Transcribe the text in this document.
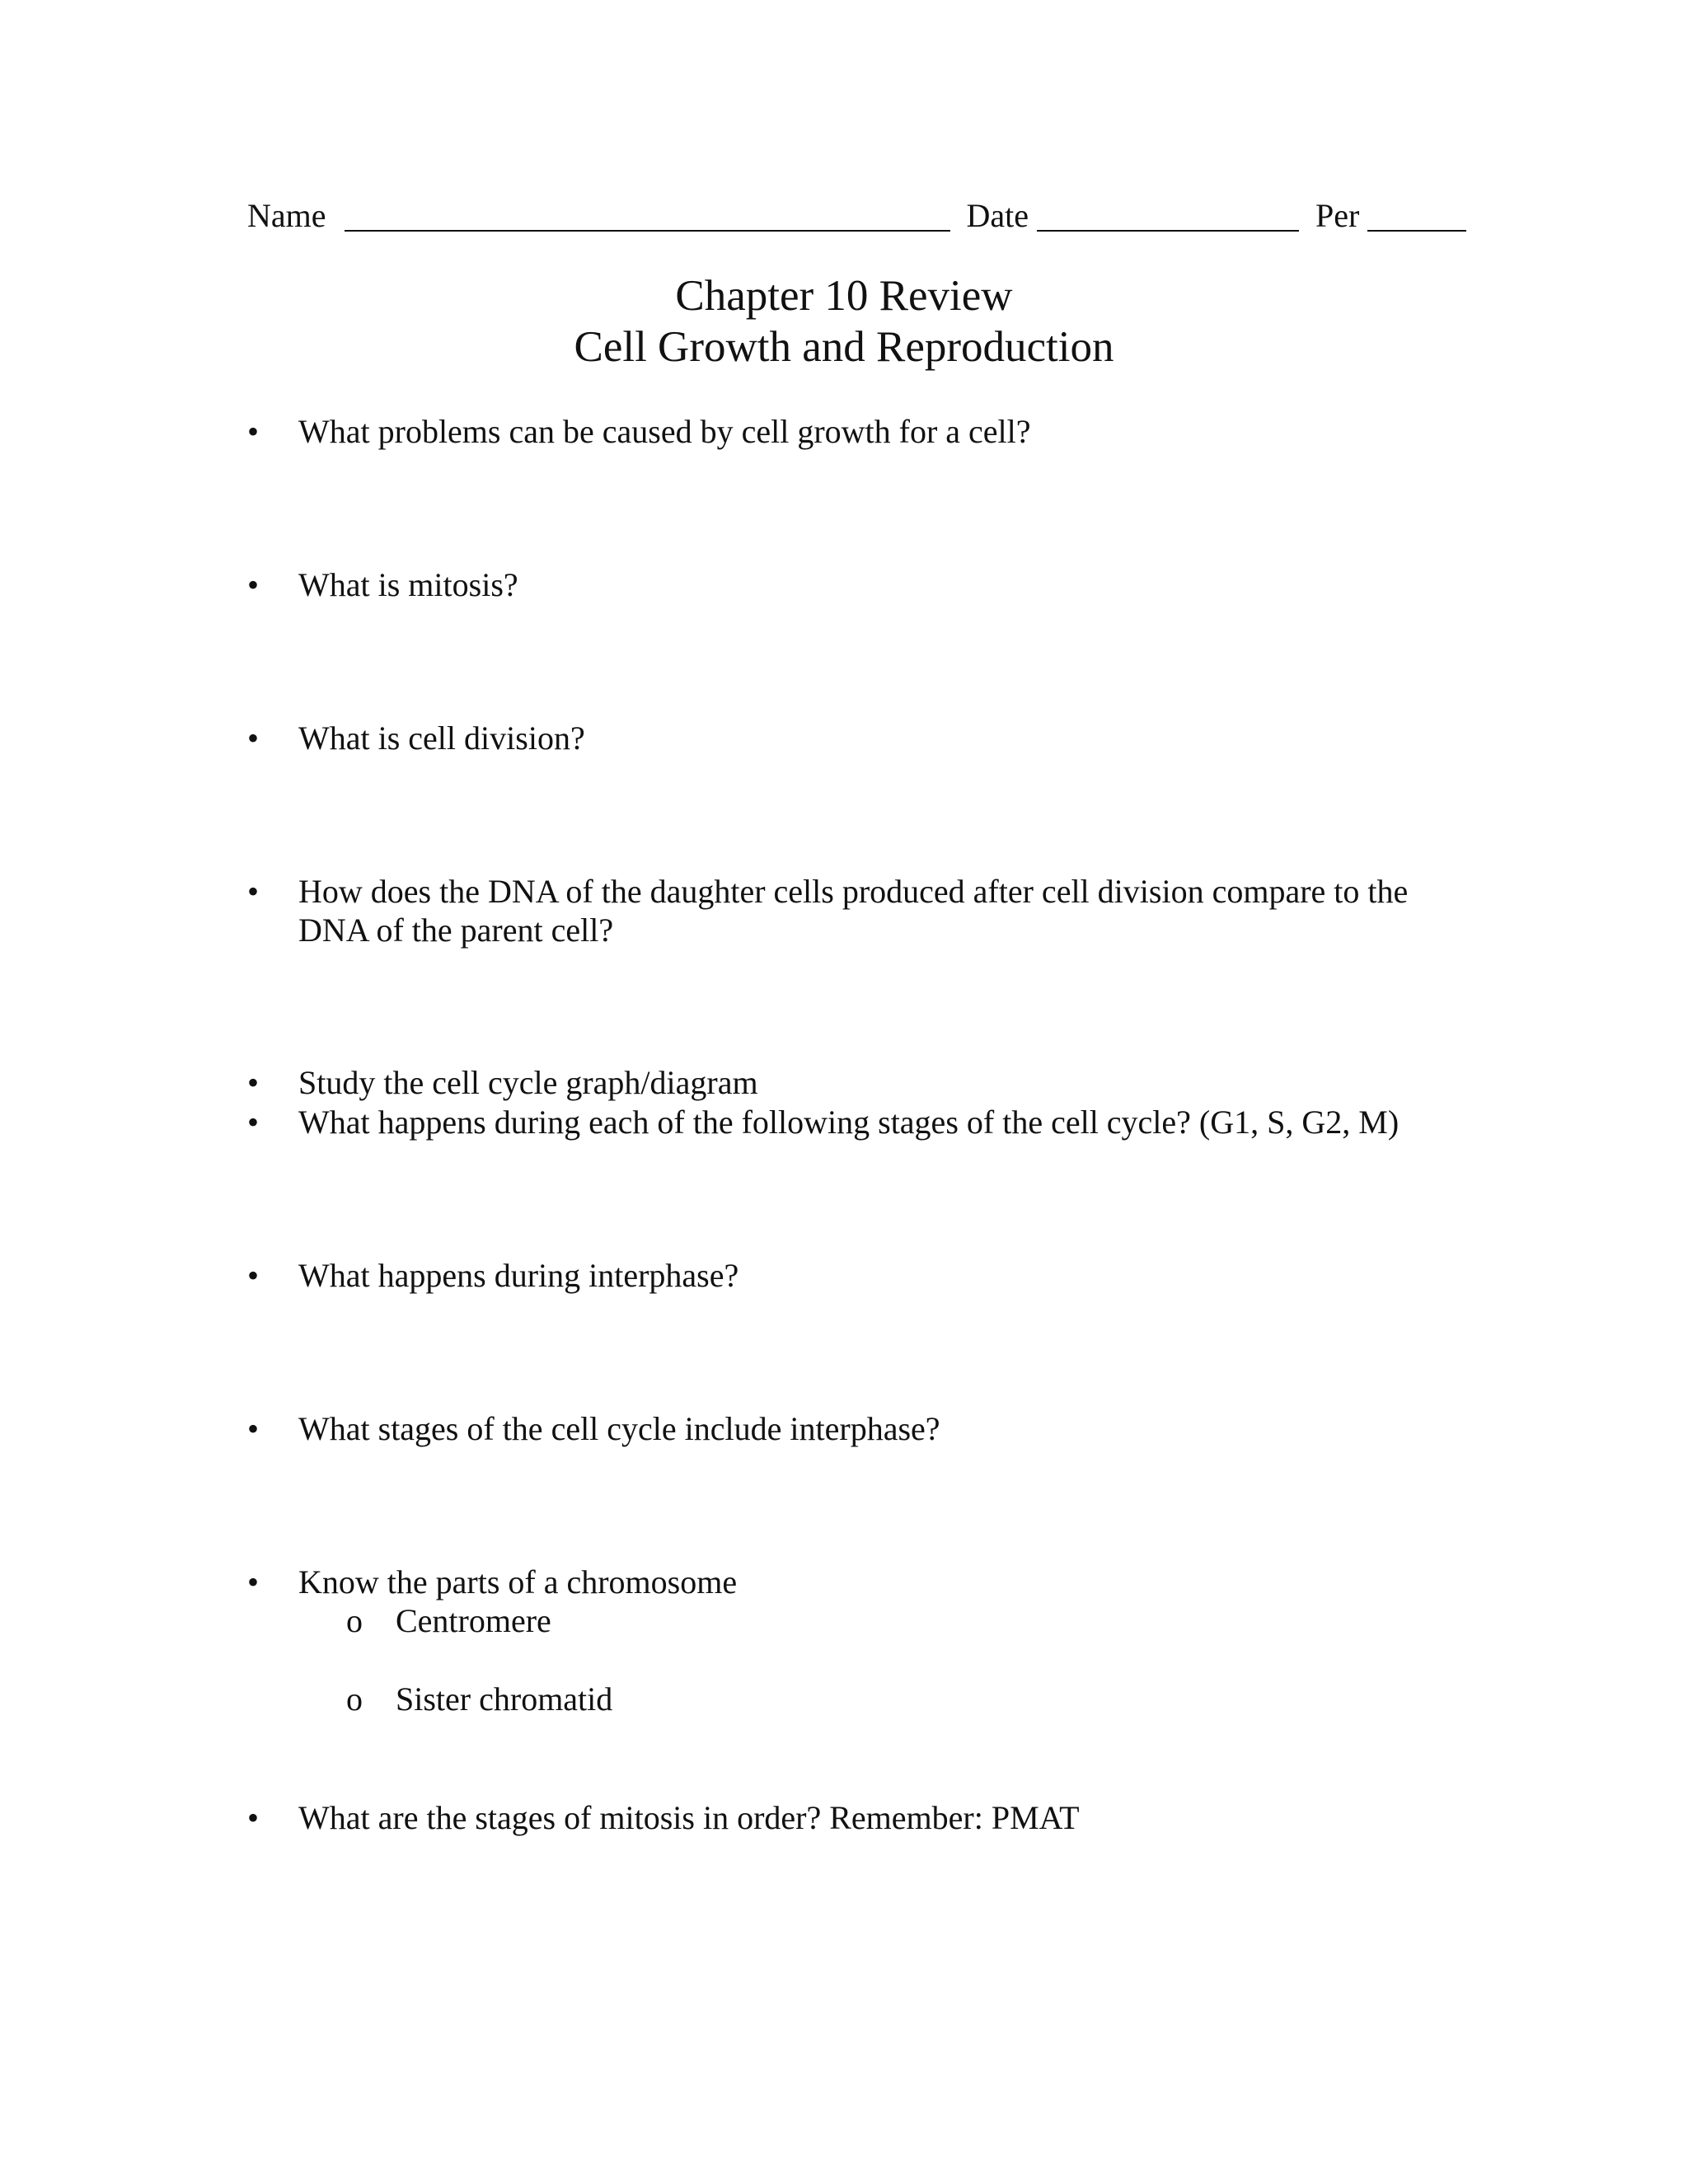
Name	Date	Per
Chapter 10 Review
Cell Growth and Reproduction
•	What problems can be caused by cell growth for a cell?
•	What is mitosis?
•	What is cell division?
•	How does the DNA of the daughter cells produced after cell division compare to the DNA of the parent cell?
•	Study the cell cycle graph/diagram
•	What happens during each of the following stages of the cell cycle? (G1, S, G2, M)
•	What happens during interphase?
•	What stages of the cell cycle include interphase?
•	Know the parts of a chromosome
o Centromere
o Sister chromatid
•	What are the stages of mitosis in order? Remember: PMAT
